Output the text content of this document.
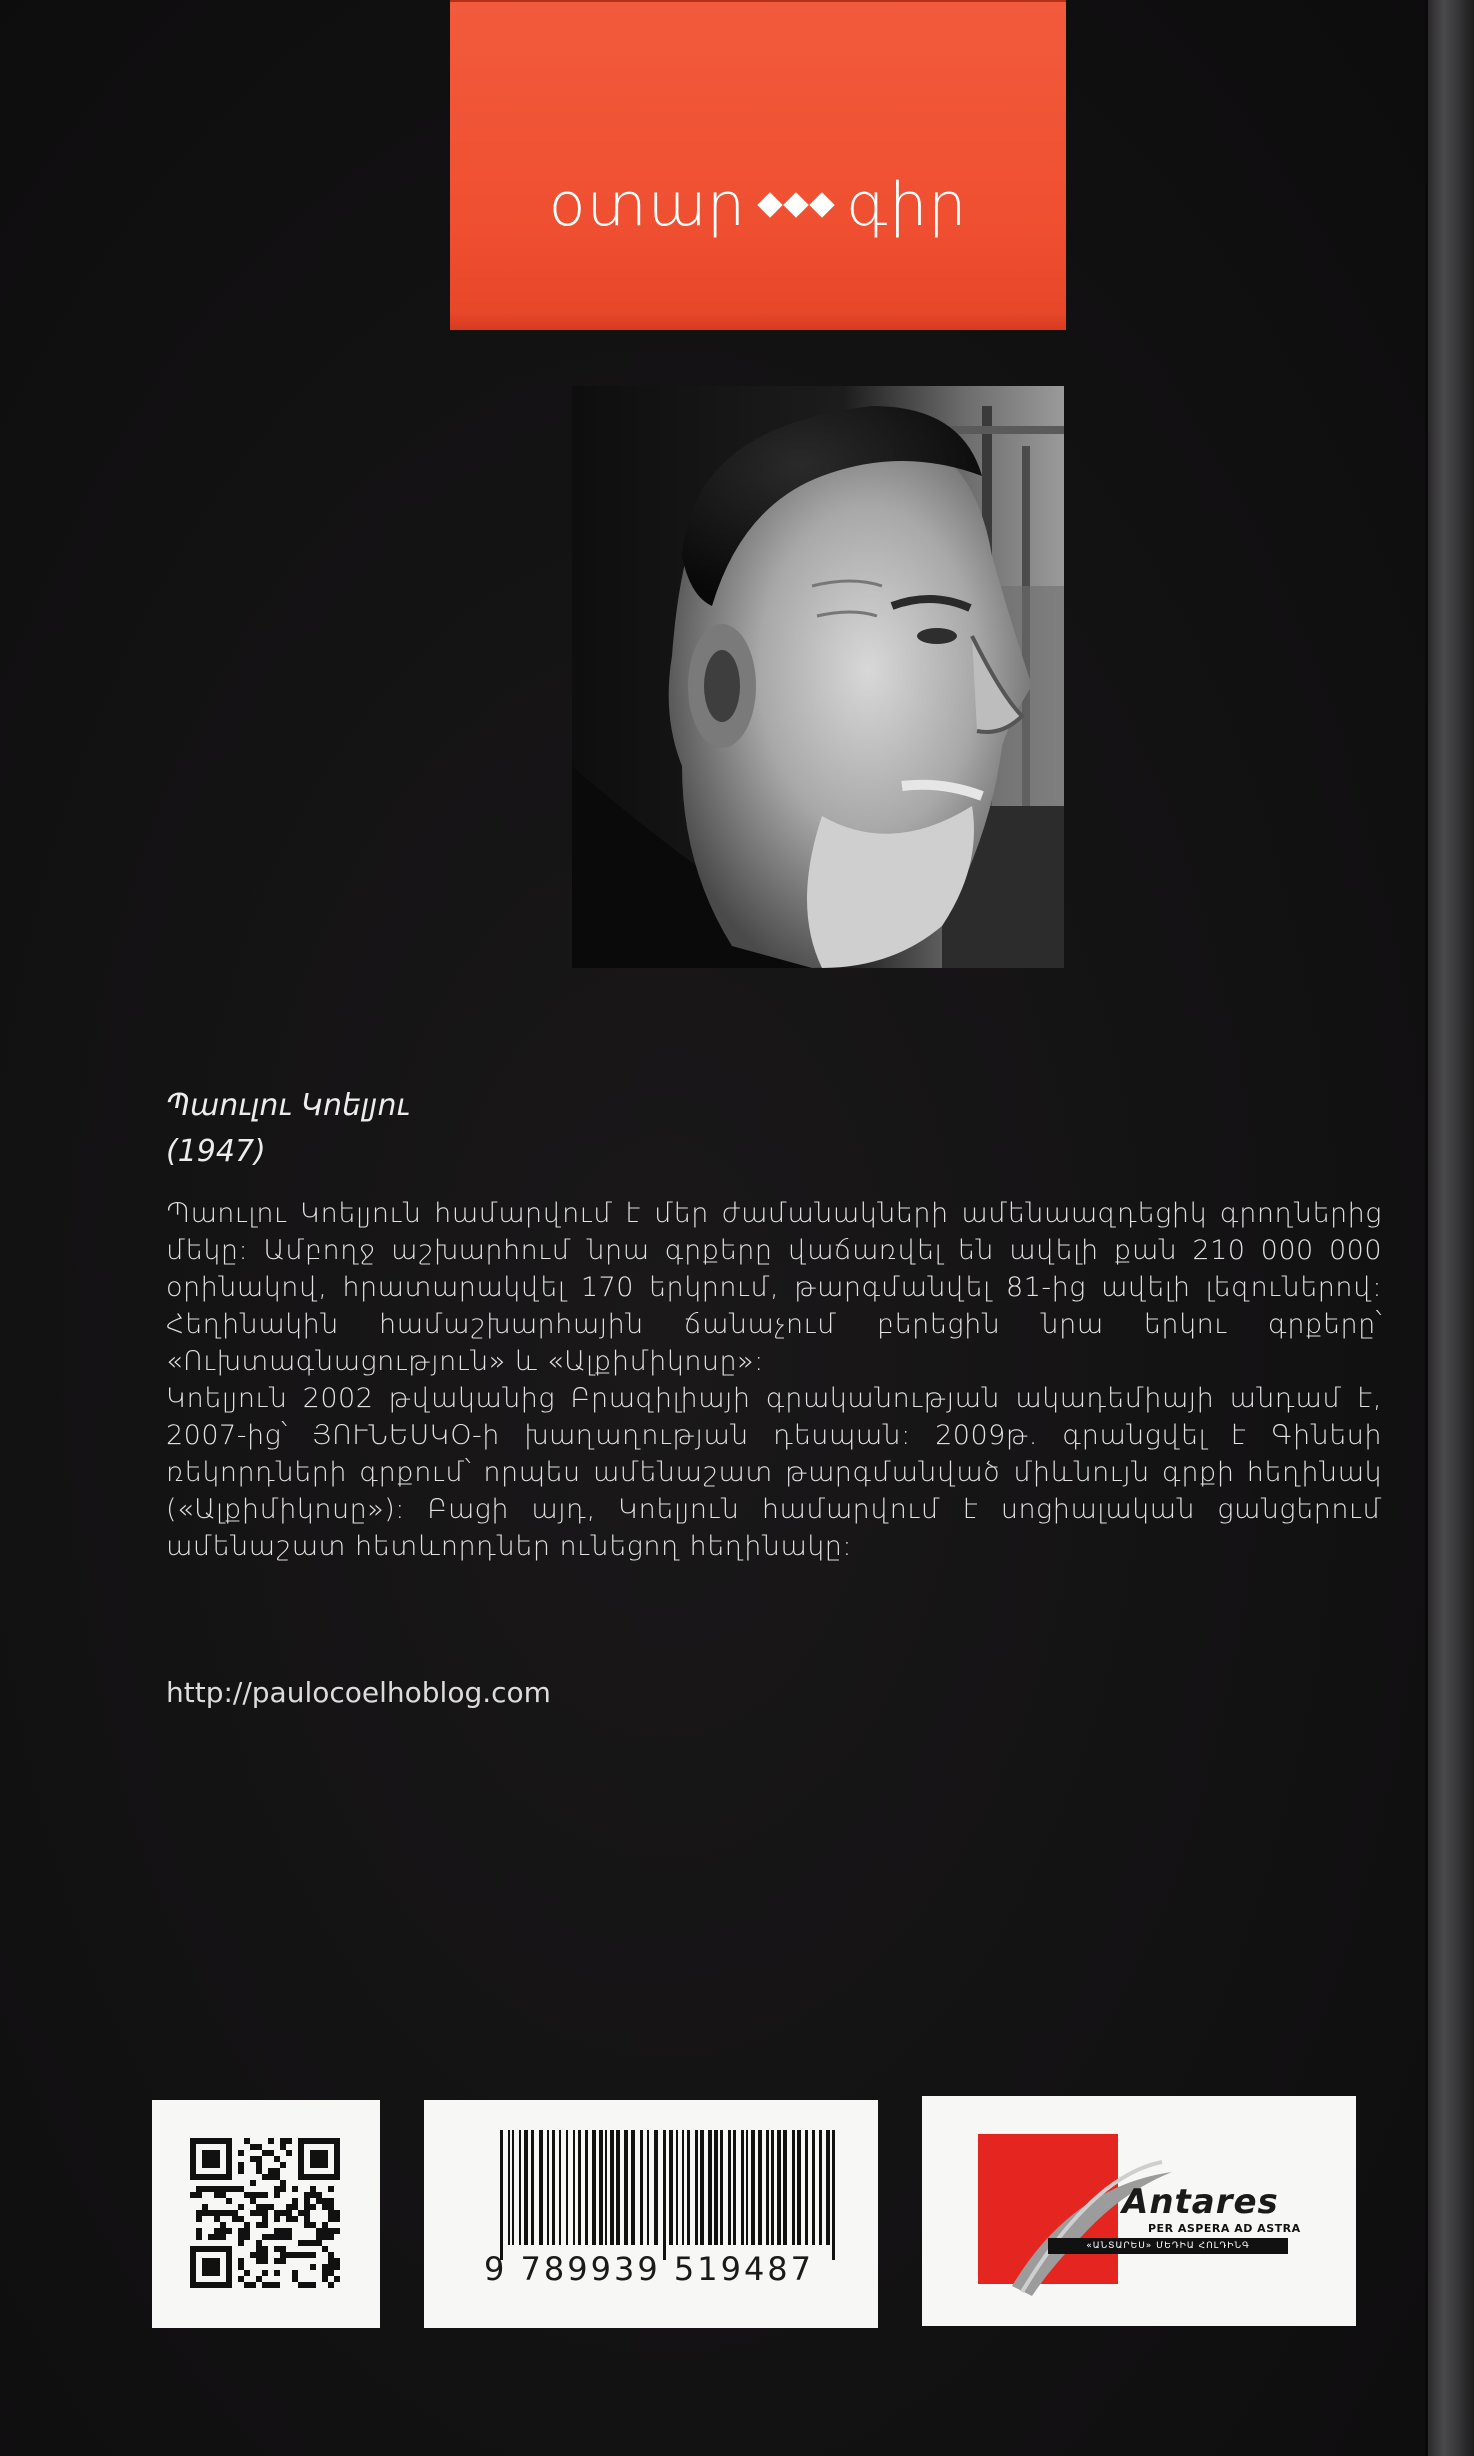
օտար գիր
Պաուլու Կոելյու
(1947)

Պաուլու Կոելյուն համարվում է մեր ժամանակների ամենաազդեցիկ գրողներից մեկը: Ամբողջ աշխարհում նրա գրքերը վաճառվել են ավելի քան 210 000 000 օրինակով, հրատարակվել 170 երկրում, թարգմանվել 81-ից ավելի լեզուներով: Հեղինակին համաշխարհային ճանաչում բերեցին նրա երկու գրքերը՝ «Ուխտագնացություն» և «Ալքիմիկոսը»:

Կոելյուն 2002 թվականից Բրազիլիայի գրականության ակադեմիայի անդամ է, 2007-ից՝ ՅՈՒՆԵՍԿՕ-ի խաղաղության դեսպան: 2009թ. գրանցվել է Գինեսի ռեկորդների գրքում՝ որպես ամենաշատ թարգմանված միևնույն գրքի հեղինակ («Ալքիմիկոսը»): Բացի այդ, Կոելյուն համարվում է սոցիալական ցանցերում ամենաշատ հետևորդներ ունեցող հեղինակը:

http://paulocoelhoblog.com
9 789939 519487
Antares
PER ASPERA AD ASTRA
«ԱՆՏԱՐԵՍ» ՄԵԴԻԱ ՀՈԼԴԻՆԳ
